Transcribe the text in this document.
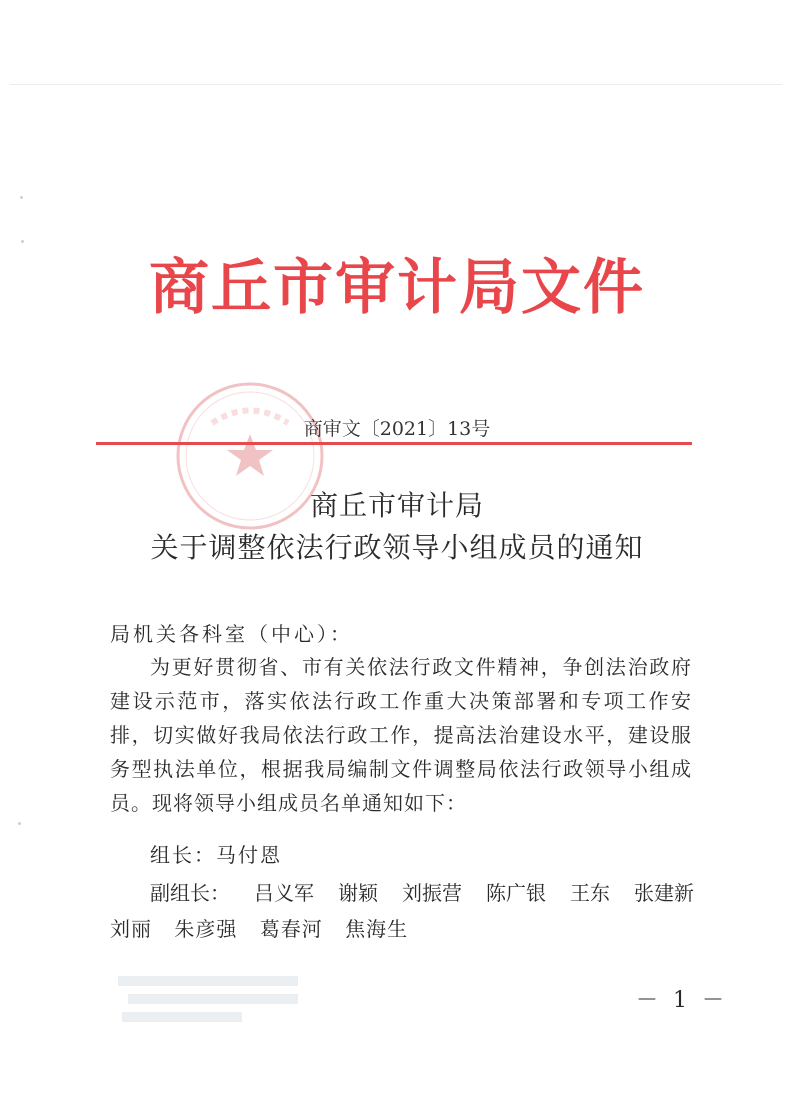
商丘市审计局文件
商审文〔2021〕13号
商丘市审计局
关于调整依法行政领导小组成员的通知
局机关各科室（中心）：
为更好贯彻省、市有关依法行政文件精神，争创法治政府建设示范市，落实依法行政工作重大决策部署和专项工作安排，切实做好我局依法行政工作，提高法治建设水平，建设服务型执法单位，根据我局编制文件调整局依法行政领导小组成员。现将领导小组成员名单通知如下：
组长：马付恩
副组长： 吕义军 谢颖 刘振营 陈广银 王东 张建新
刘丽 朱彦强 葛春河 焦海生
－ 1 －
